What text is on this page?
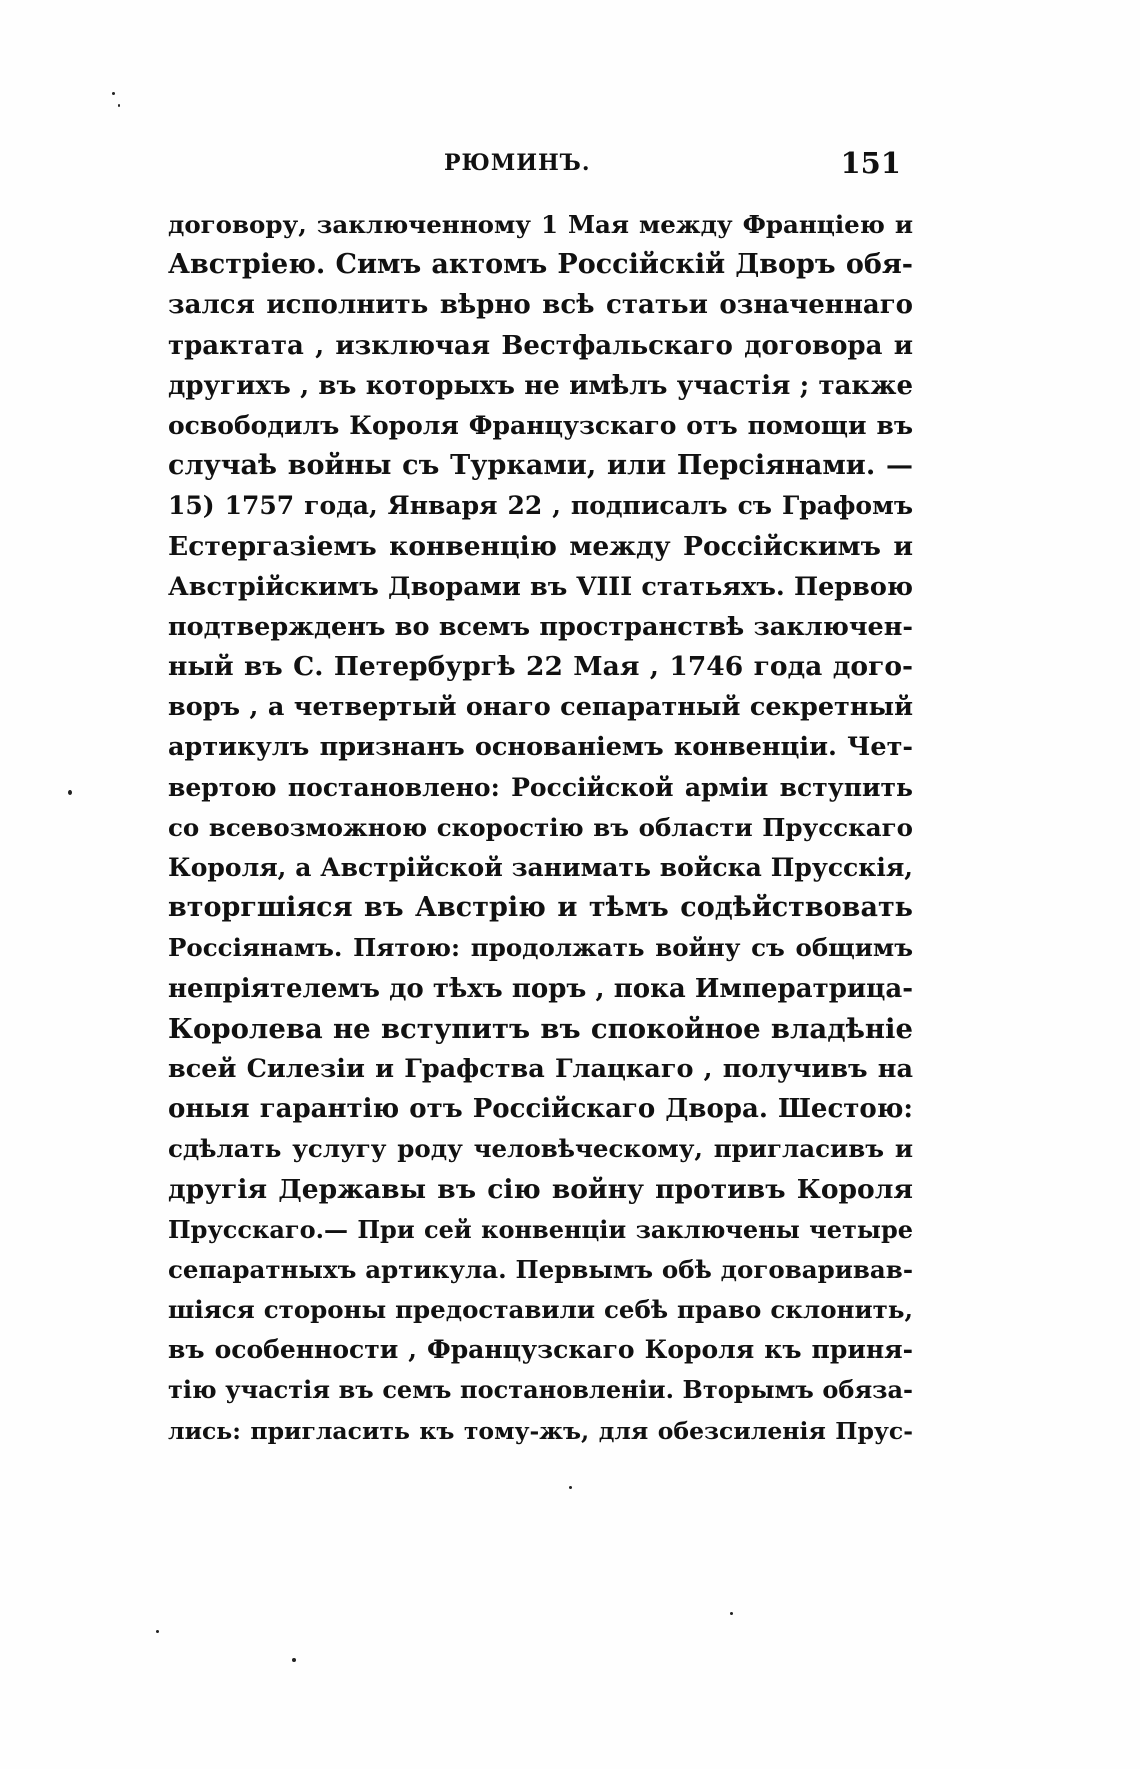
РЮМИНЪ.	151
договору, заключенному 1 Мая между Франціею и
Австріею. Симъ актомъ Россійскій Дворъ обя-
зался исполнить вѣрно всѣ статьи означеннаго
трактата , изключая Вестфальскаго договора и
другихъ , въ которыхъ не имѣлъ участія ; также
освободилъ Короля Французскаго отъ помощи въ
случаѣ войны съ Турками, или Персіянами. —
15) 1757 года, Января 22 , подписалъ съ Графомъ
Естергазіемъ конвенцію между Россійскимъ и
Австрійскимъ Дворами въ VIII статьяхъ. Первою
подтвержденъ во всемъ пространствѣ заключен-
ный въ С. Петербургѣ 22 Мая , 1746 года дого-
воръ , а четвертый онаго сепаратный секретный
артикулъ признанъ основаніемъ конвенціи. Чет-
вертою постановлено: Россійской арміи вступить
со всевозможною скоростію въ области Прусскаго
Короля, а Австрійской занимать войска Прусскія,
вторгшіяся въ Австрію и тѣмъ содѣйствовать
Россіянамъ. Пятою: продолжать войну съ общимъ
непріятелемъ до тѣхъ поръ , пока Императрица-
Королева не вступитъ въ спокойное владѣніе
всей Силезіи и Графства Глацкаго , получивъ на
оныя гарантію отъ Россійскаго Двора. Шестою:
сдѣлать услугу роду человѣческому, пригласивъ и
другія Державы въ сію войну противъ Короля
Прусскаго.— При сей конвенціи заключены четыре
сепаратныхъ артикула. Первымъ обѣ договаривав-
шіяся стороны предоставили себѣ право склонить,
въ особенности , Французскаго Короля къ приня-
тію участія въ семъ постановленіи. Вторымъ обяза-
лись: пригласить къ тому-жъ, для обезсиленія Прус-
